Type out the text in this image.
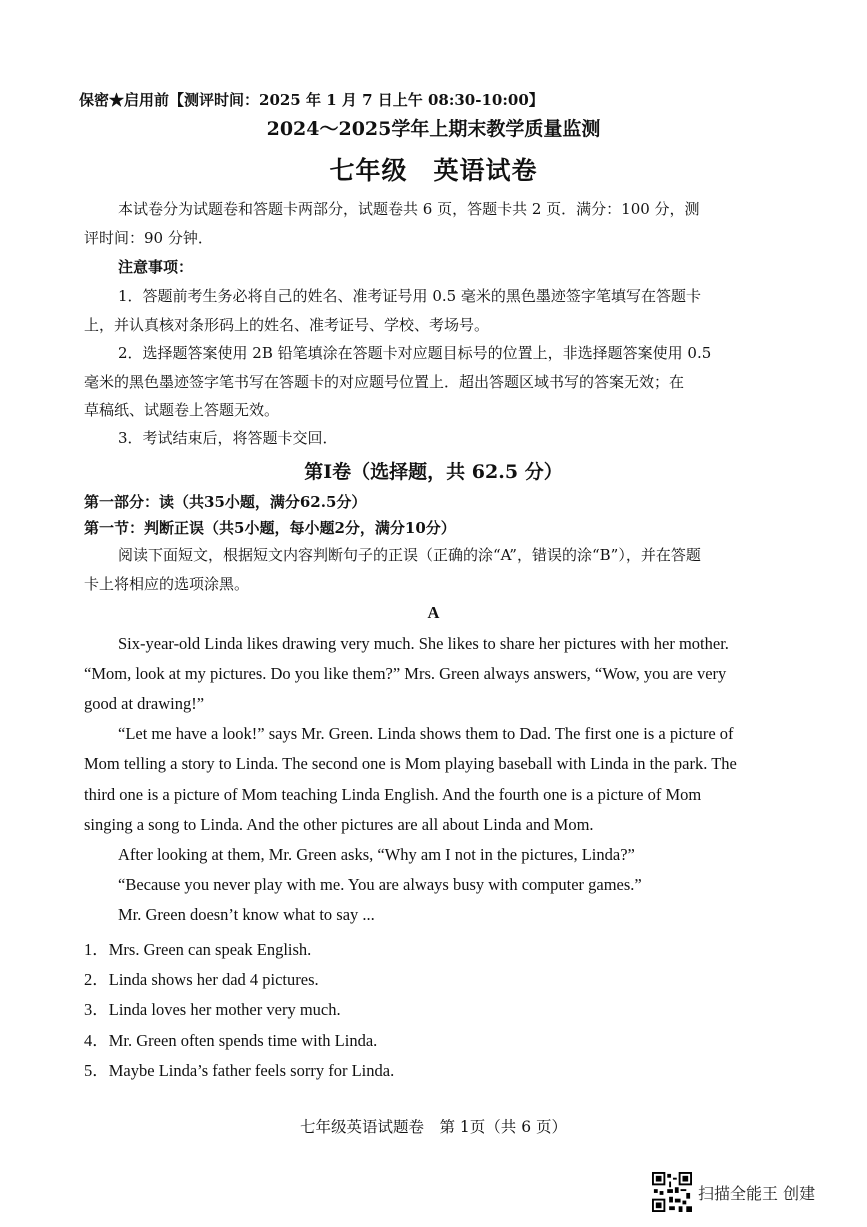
保密★启用前【测评时间：2025 年 1 月 7 日上午 08:30-10:00】
2024～2025学年上期末教学质量监测
七年级　英语试卷
本试卷分为试题卷和答题卡两部分，试题卷共 6 页，答题卡共 2 页．满分：100 分，测
评时间：90 分钟．
注意事项：
1．答题前考生务必将自己的姓名、准考证号用 0.5 毫米的黑色墨迹签字笔填写在答题卡
上，并认真核对条形码上的姓名、准考证号、学校、考场号。
2．选择题答案使用 2B 铅笔填涂在答题卡对应题目标号的位置上，非选择题答案使用 0.5
毫米的黑色墨迹签字笔书写在答题卡的对应题号位置上．超出答题区域书写的答案无效；在
草稿纸、试题卷上答题无效。
3．考试结束后，将答题卡交回．
第Ⅰ卷（选择题，共 62.5 分）
第一部分：读（共35小题，满分62.5分）
第一节：判断正误（共5小题，每小题2分，满分10分）
阅读下面短文，根据短文内容判断句子的正误（正确的涂“A”，错误的涂“B”），并在答题
卡上将相应的选项涂黑。
A
Six-year-old Linda likes drawing very much. She likes to share her pictures with her mother.
“Mom, look at my pictures. Do you like them?” Mrs. Green always answers, “Wow, you are very
good at drawing!”
“Let me have a look!” says Mr. Green. Linda shows them to Dad. The first one is a picture of
Mom telling a story to Linda. The second one is Mom playing baseball with Linda in the park. The
third one is a picture of Mom teaching Linda English. And the fourth one is a picture of Mom
singing a song to Linda. And the other pictures are all about Linda and Mom.
After looking at them, Mr. Green asks, “Why am I not in the pictures, Linda?”
“Because you never play with me. You are always busy with computer games.”
Mr. Green doesn’t know what to say ...
1．Mrs. Green can speak English.
2．Linda shows her dad 4 pictures.
3．Linda loves her mother very much.
4．Mr. Green often spends time with Linda.
5．Maybe Linda’s father feels sorry for Linda.
七年级英语试题卷　第 1页（共 6 页）
扫描全能王 创建
